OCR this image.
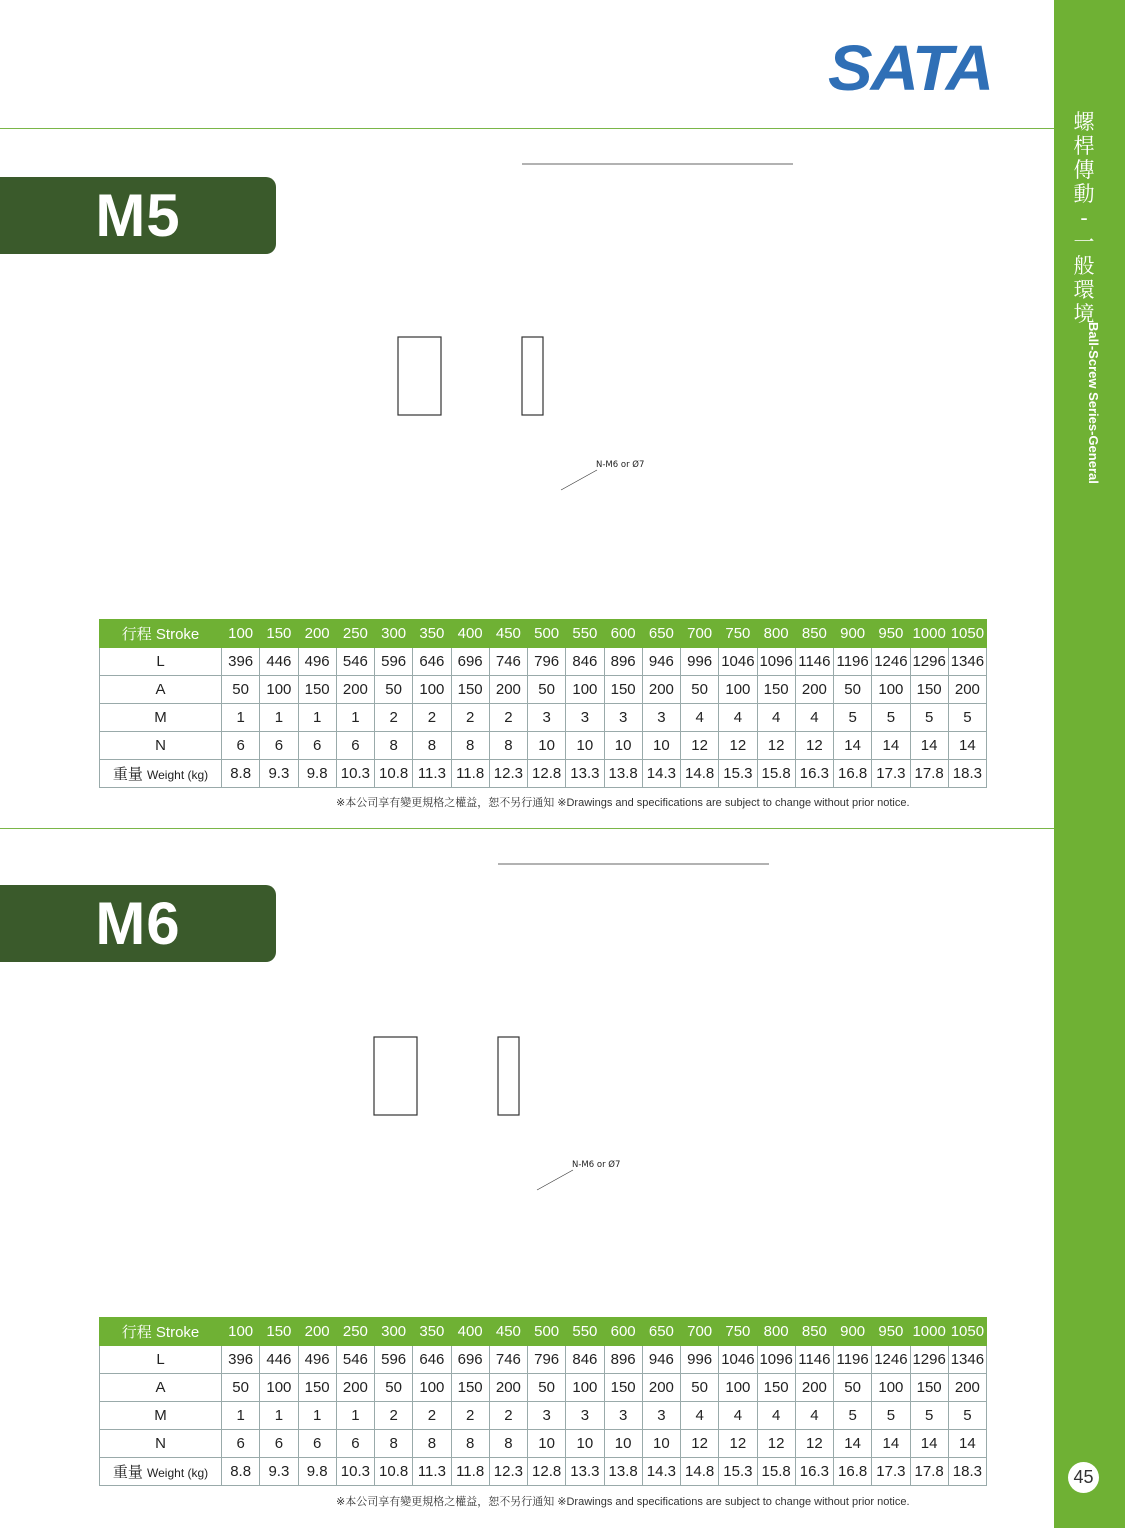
螺
桿
傳
動
-
一
般
環
境
Ball-Screw Series-General
45
SATA
M5
M6
N-M6 or Ø7
N-M6 or Ø7
行程 Stroke	100	150	200	250	300	350	400	450	500	550	600	650	700	750	800	850	900	950	1000	1050
L	396	446	496	546	596	646	696	746	796	846	896	946	996	1046	1096	1146	1196	1246	1296	1346
A	50	100	150	200	50	100	150	200	50	100	150	200	50	100	150	200	50	100	150	200
M	1	1	1	1	2	2	2	2	3	3	3	3	4	4	4	4	5	5	5	5
N	6	6	6	6	8	8	8	8	10	10	10	10	12	12	12	12	14	14	14	14
重量 Weight (kg)	8.8	9.3	9.8	10.3	10.8	11.3	11.8	12.3	12.8	13.3	13.8	14.3	14.8	15.3	15.8	16.3	16.8	17.3	17.8	18.3
行程 Stroke	100	150	200	250	300	350	400	450	500	550	600	650	700	750	800	850	900	950	1000	1050
L	396	446	496	546	596	646	696	746	796	846	896	946	996	1046	1096	1146	1196	1246	1296	1346
A	50	100	150	200	50	100	150	200	50	100	150	200	50	100	150	200	50	100	150	200
M	1	1	1	1	2	2	2	2	3	3	3	3	4	4	4	4	5	5	5	5
N	6	6	6	6	8	8	8	8	10	10	10	10	12	12	12	12	14	14	14	14
重量 Weight (kg)	8.8	9.3	9.8	10.3	10.8	11.3	11.8	12.3	12.8	13.3	13.8	14.3	14.8	15.3	15.8	16.3	16.8	17.3	17.8	18.3
※本公司享有變更規格之權益，恕不另行通知 ※Drawings and specifications are subject to change without prior notice.
※本公司享有變更規格之權益，恕不另行通知 ※Drawings and specifications are subject to change without prior notice.
